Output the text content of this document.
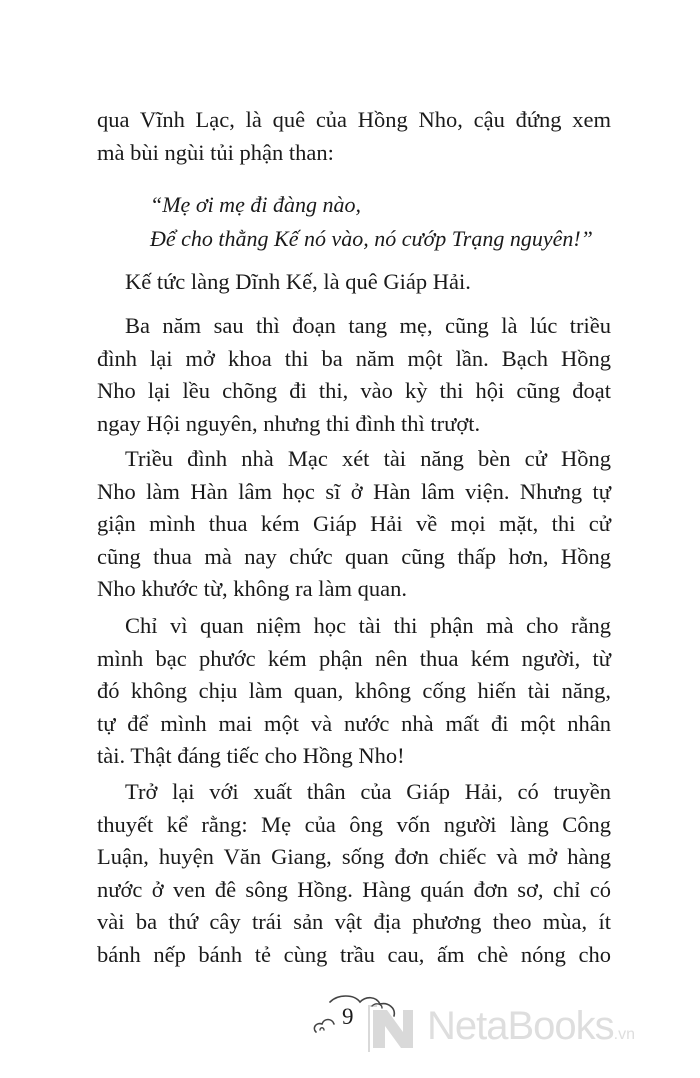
qua Vĩnh Lạc, là quê của Hồng Nho, cậu đứng xem
mà bùi ngùi tủi phận than:
“Mẹ ơi mẹ đi đàng nào,
Để cho thằng Kế nó vào, nó cướp Trạng nguyên!”
Kế tức làng Dĩnh Kế, là quê Giáp Hải.
Ba năm sau thì đoạn tang mẹ, cũng là lúc triều
đình lại mở khoa thi ba năm một lần. Bạch Hồng
Nho lại lều chõng đi thi, vào kỳ thi hội cũng đoạt
ngay Hội nguyên, nhưng thi đình thì trượt.
Triều đình nhà Mạc xét tài năng bèn cử Hồng
Nho làm Hàn lâm học sĩ ở Hàn lâm viện. Nhưng tự
giận mình thua kém Giáp Hải về mọi mặt, thi cử
cũng thua mà nay chức quan cũng thấp hơn, Hồng
Nho khước từ, không ra làm quan.
Chỉ vì quan niệm học tài thi phận mà cho rằng
mình bạc phước kém phận nên thua kém người, từ
đó không chịu làm quan, không cống hiến tài năng,
tự để mình mai một và nước nhà mất đi một nhân
tài. Thật đáng tiếc cho Hồng Nho!
Trở lại với xuất thân của Giáp Hải, có truyền
thuyết kể rằng: Mẹ của ông vốn người làng Công
Luận, huyện Văn Giang, sống đơn chiếc và mở hàng
nước ở ven đê sông Hồng. Hàng quán đơn sơ, chỉ có
vài ba thứ cây trái sản vật địa phương theo mùa, ít
bánh nếp bánh tẻ cùng trầu cau, ấm chè nóng cho
9 NetaBooks.vn
